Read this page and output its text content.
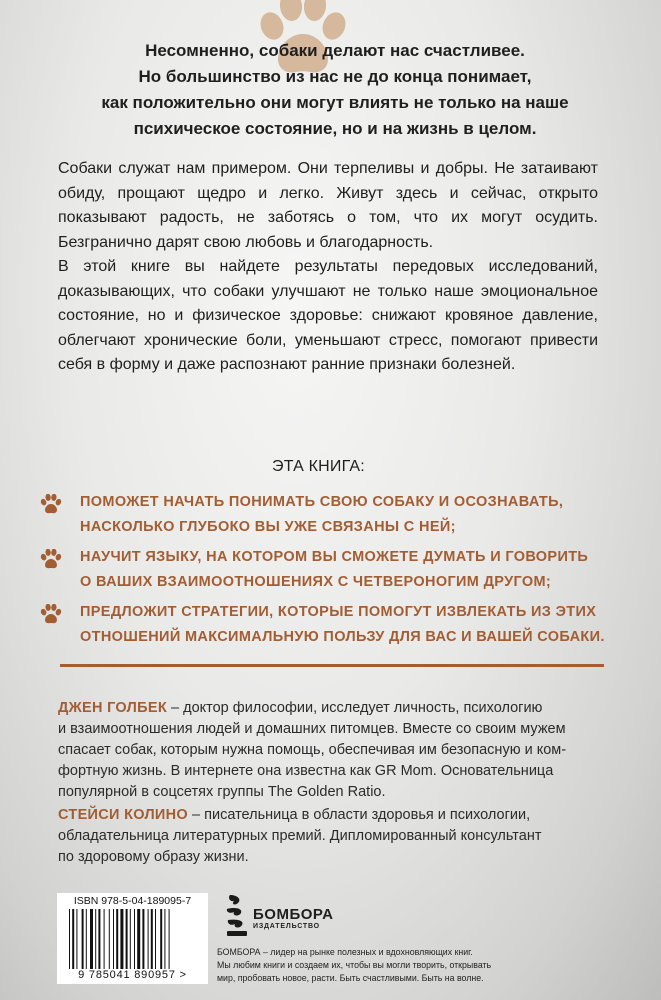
Несомненно, собаки делают нас счастливее.
Но большинство из нас не до конца понимает,
как положительно они могут влиять не только на наше
психическое состояние, но и на жизнь в целом.

Собаки служат нам примером. Они терпеливы и добры. Не затаивают обиду, прощают щедро и легко. Живут здесь и сейчас, открыто показывают радость, не заботясь о том, что их могут осудить. Безгранично дарят свою любовь и благодарность.

В этой книге вы найдете результаты передовых исследований, доказывающих, что собаки улучшают не только наше эмоциональное состояние, но и физическое здоровье: снижают кровяное давление, облегчают хронические боли, уменьшают стресс, помогают привести себя в форму и даже распознают ранние признаки болезней.

ЭТА КНИГА:
ПОМОЖЕТ НАЧАТЬ ПОНИМАТЬ СВОЮ СОБАКУ И ОСОЗНАВАТЬ,
НАСКОЛЬКО ГЛУБОКО ВЫ УЖЕ СВЯЗАНЫ С НЕЙ;
НАУЧИТ ЯЗЫКУ, НА КОТОРОМ ВЫ СМОЖЕТЕ ДУМАТЬ И ГОВОРИТЬ
О ВАШИХ ВЗАИМООТНОШЕНИЯХ С ЧЕТВЕРОНОГИМ ДРУГОМ;
ПРЕДЛОЖИТ СТРАТЕГИИ, КОТОРЫЕ ПОМОГУТ ИЗВЛЕКАТЬ ИЗ ЭТИХ
ОТНОШЕНИЙ МАКСИМАЛЬНУЮ ПОЛЬЗУ ДЛЯ ВАС И ВАШЕЙ СОБАКИ.
ДЖЕН ГОЛБЕК – доктор философии, исследует личность, психологию
и взаимоотношения людей и домашних питомцев. Вместе со своим мужем
спасает собак, которым нужна помощь, обеспечивая им безопасную и ком-
фортную жизнь. В интернете она известна как GR Mom. Основательница
популярной в соцсетях группы The Golden Ratio.
СТЕЙСИ КОЛИНО – писательница в области здоровья и психологии,
обладательница литературных премий. Дипломированный консультант
по здоровому образу жизни.
ISBN 978-5-04-189095-7
9 785041 890957 >
БОМБОРА
ИЗДАТЕЛЬСТВО
БОМБОРА – лидер на рынке полезных и вдохновляющих книг.
Мы любим книги и создаем их, чтобы вы могли творить, открывать
мир, пробовать новое, расти. Быть счастливыми. Быть на волне.
